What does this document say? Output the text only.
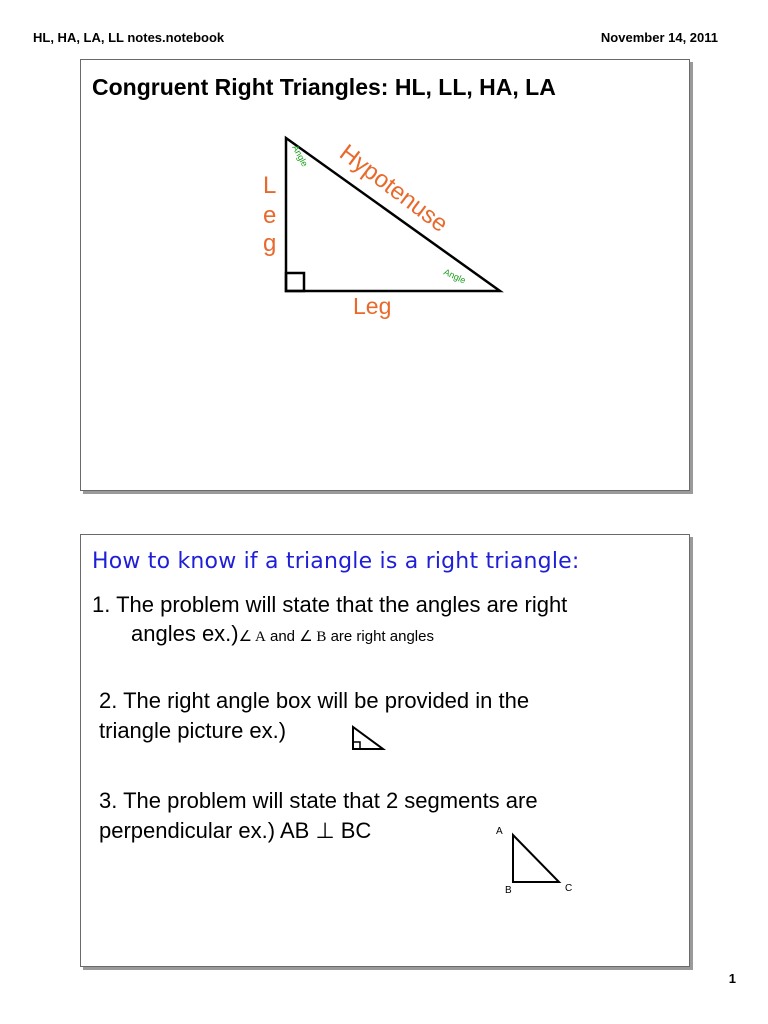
HL, HA, LA, LL notes.notebook	November 14, 2011
Congruent Right Triangles: HL, LL, HA, LA
L
e
g
Leg
Hypotenuse
Angle
Angle
How to know if a triangle is a right triangle:
1. The problem will state that the angles are right
angles ex.)∠ A and ∠ B are right angles
2. The right angle box will be provided in the
triangle picture ex.)
3. The problem will state that 2 segments are
perpendicular ex.) AB ⊥ BC	A
B	C
1
